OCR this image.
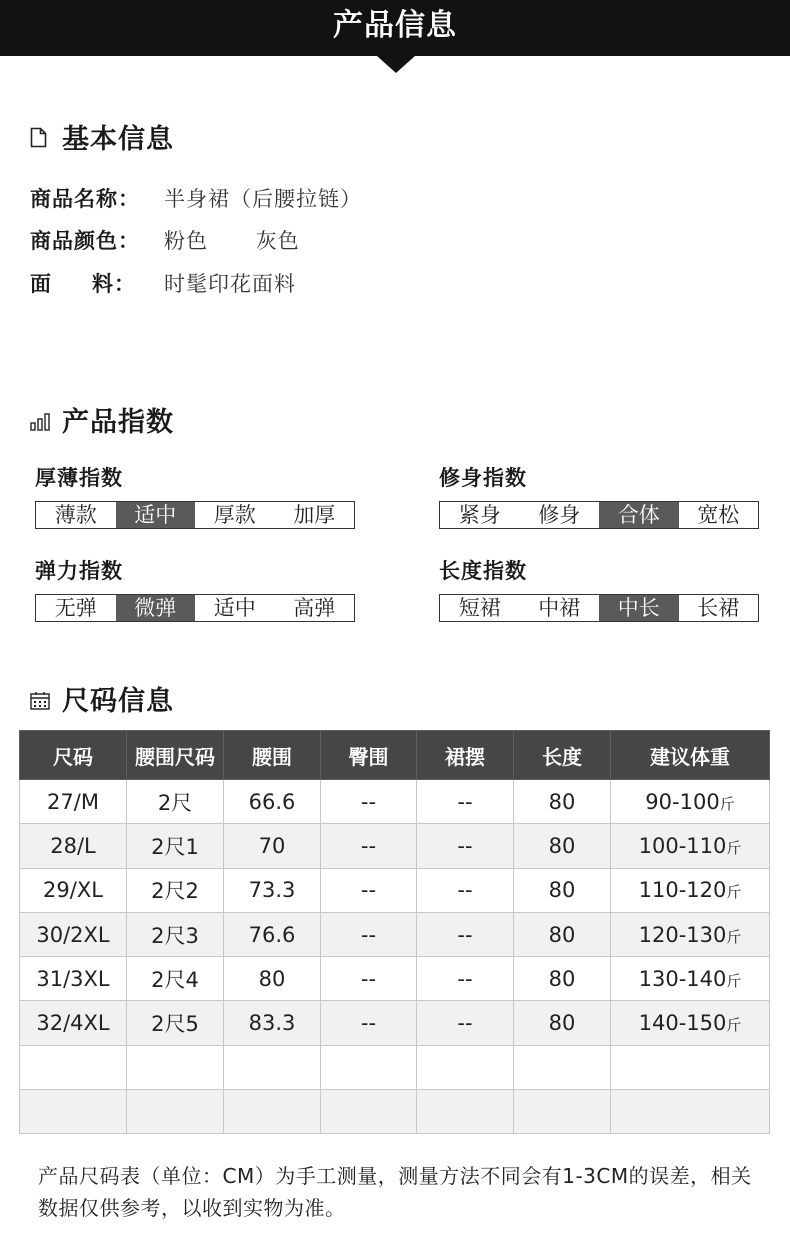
产品信息
基本信息
商品名称：	半身裙（后腰拉链）
商品颜色：	粉色 灰色
面 料： 时髦印花面料
产品指数
厚薄指数
薄款	适中	厚款	加厚
修身指数
紧身	修身	合体	宽松
弹力指数
无弹	微弹	适中	高弹
长度指数
短裙	中裙	中长	长裙
尺码信息
尺码	腰围尺码	腰围	臀围	裙摆	长度	建议体重
27/M	2尺	66.6	--	--	80	90-100斤
28/L	2尺1	70	--	--	80	100-110斤
29/XL	2尺2	73.3	--	--	80	110-120斤
30/2XL	2尺3	76.6	--	--	80	120-130斤
31/3XL	2尺4	80	--	--	80	130-140斤
32/4XL	2尺5	83.3	--	--	80	140-150斤

产品尺码表（单位：CM）为手工测量，测量方法不同会有1-3CM的误差，相关数据仅供参考，以收到实物为准。
